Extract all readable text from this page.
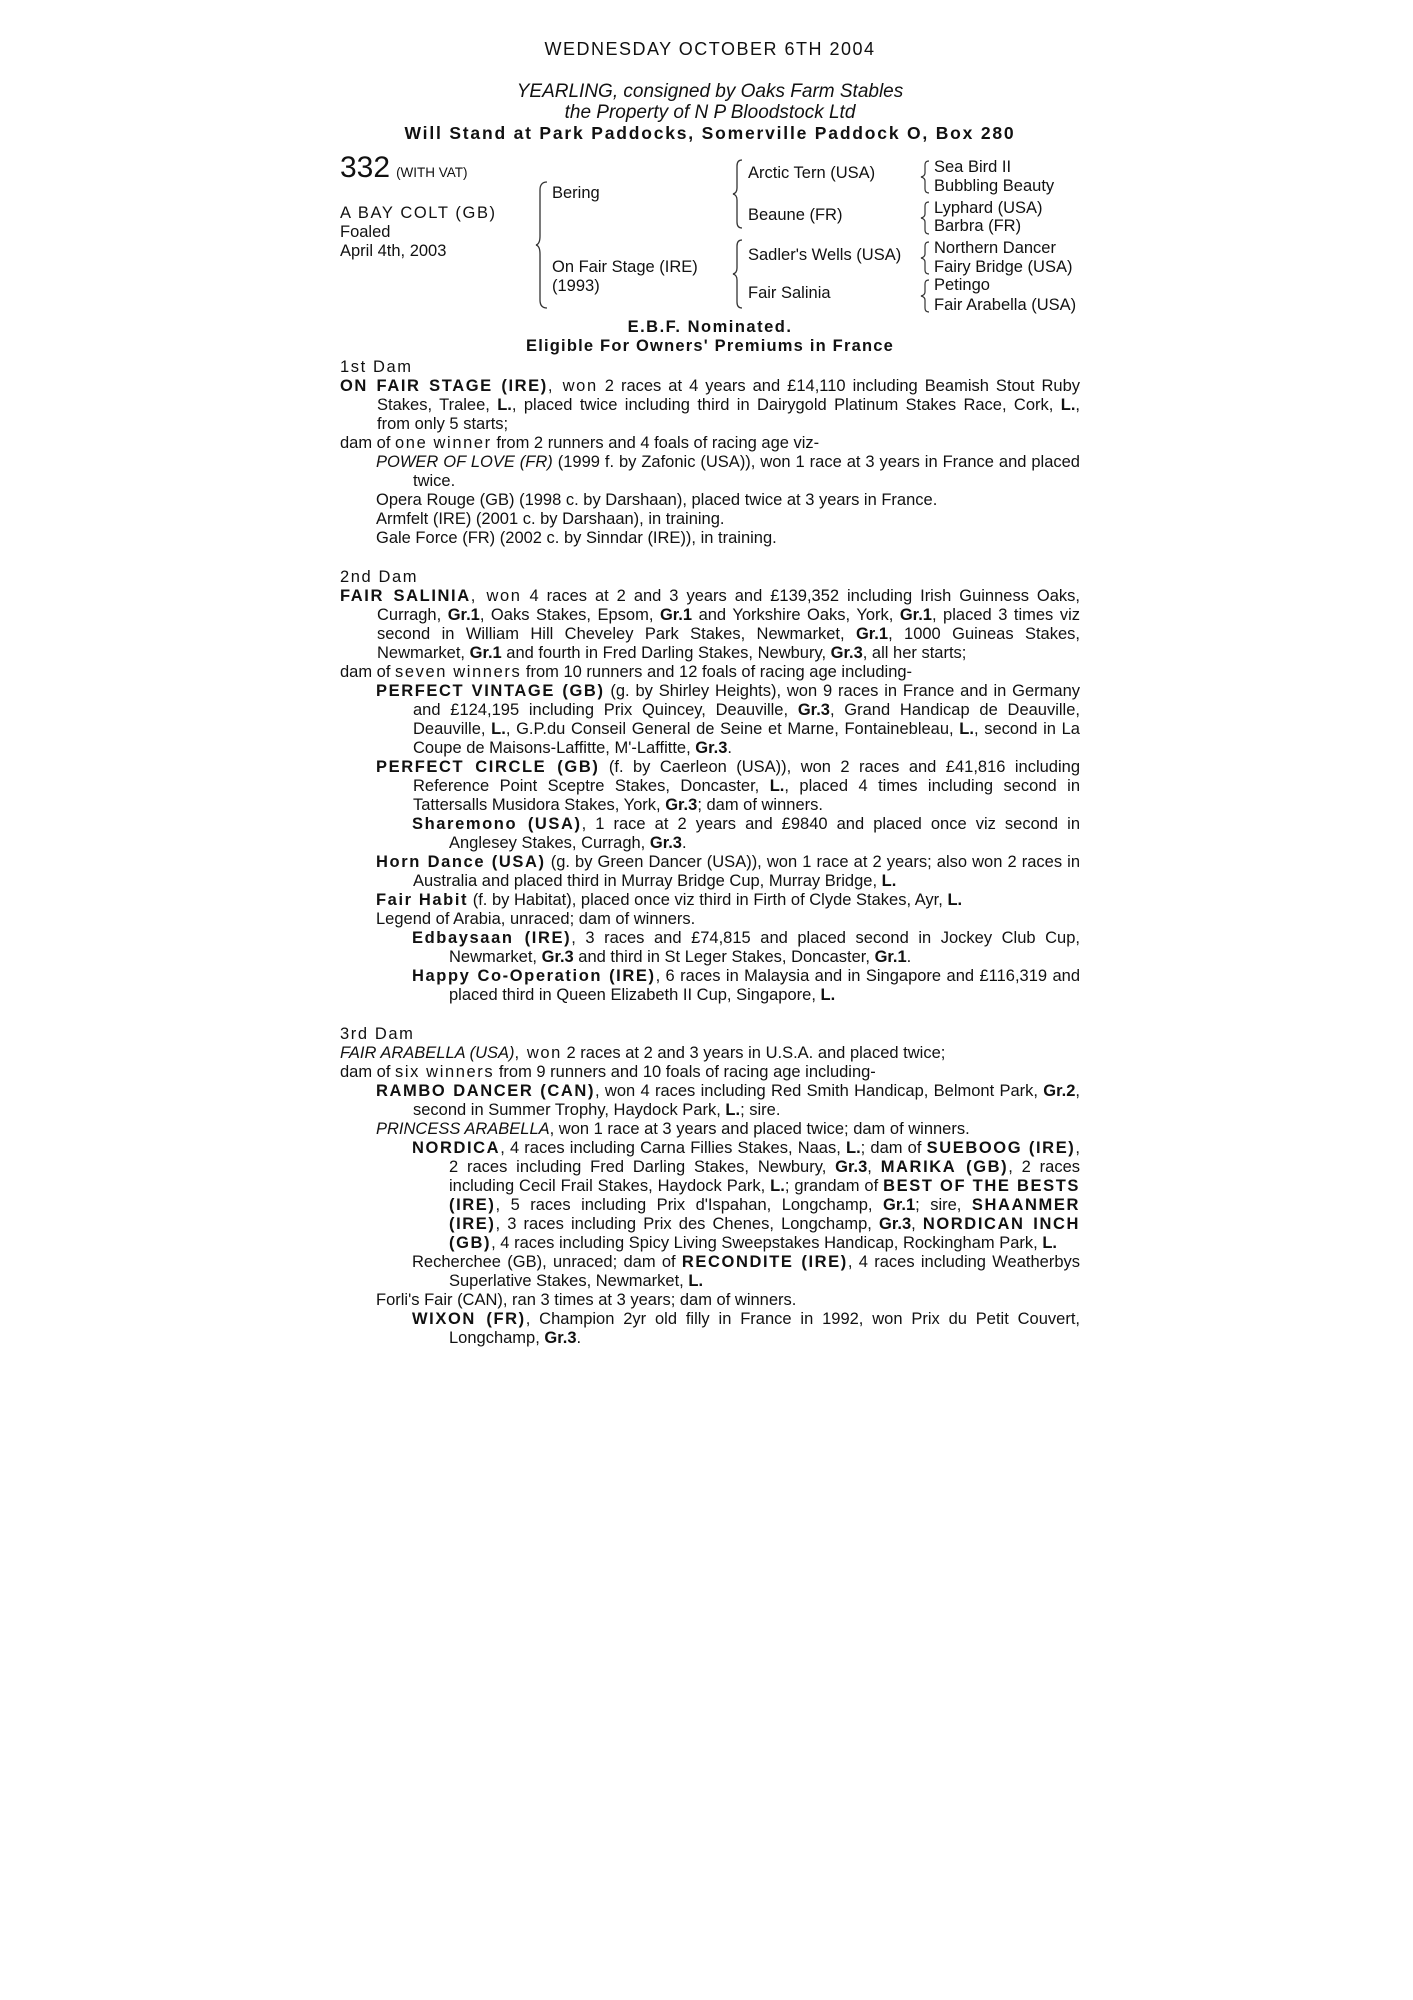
WEDNESDAY OCTOBER 6TH 2004
YEARLING, consigned by Oaks Farm Stables
the Property of N P Bloodstock Ltd
Will Stand at Park Paddocks, Somerville Paddock O, Box 280
332 (WITH VAT)
A BAY COLT (GB)
Foaled
April 4th, 2003
Bering
On Fair Stage (IRE)
(1993)
Arctic Tern (USA)
Beaune (FR)
Sadler's Wells (USA)
Fair Salinia
Sea Bird II
Bubbling Beauty
Lyphard (USA)
Barbra (FR)
Northern Dancer
Fairy Bridge (USA)
Petingo
Fair Arabella (USA)
E.B.F. Nominated.
Eligible For Owners' Premiums in France
1st Dam

ON FAIR STAGE (IRE), won 2 races at 4 years and £14,110 including Beamish Stout Ruby Stakes, Tralee, L., placed twice including third in Dairygold Platinum Stakes Race, Cork, L., from only 5 starts;

dam of one winner from 2 runners and 4 foals of racing age viz-

POWER OF LOVE (FR) (1999 f. by Zafonic (USA)), won 1 race at 3 years in France and placed twice.

Opera Rouge (GB) (1998 c. by Darshaan), placed twice at 3 years in France.

Armfelt (IRE) (2001 c. by Darshaan), in training.

Gale Force (FR) (2002 c. by Sinndar (IRE)), in training.

2nd Dam

FAIR SALINIA, won 4 races at 2 and 3 years and £139,352 including Irish Guinness Oaks, Curragh, Gr.1, Oaks Stakes, Epsom, Gr.1 and Yorkshire Oaks, York, Gr.1, placed 3 times viz second in William Hill Cheveley Park Stakes, Newmarket, Gr.1, 1000 Guineas Stakes, Newmarket, Gr.1 and fourth in Fred Darling Stakes, Newbury, Gr.3, all her starts;

dam of seven winners from 10 runners and 12 foals of racing age including-

PERFECT VINTAGE (GB) (g. by Shirley Heights), won 9 races in France and in Germany and £124,195 including Prix Quincey, Deauville, Gr.3, Grand Handicap de Deauville, Deauville, L., G.P.du Conseil General de Seine et Marne, Fontainebleau, L., second in La Coupe de Maisons-Laffitte, M'-Laffitte, Gr.3.

PERFECT CIRCLE (GB) (f. by Caerleon (USA)), won 2 races and £41,816 including Reference Point Sceptre Stakes, Doncaster, L., placed 4 times including second in Tattersalls Musidora Stakes, York, Gr.3; dam of winners.

Sharemono (USA), 1 race at 2 years and £9840 and placed once viz second in Anglesey Stakes, Curragh, Gr.3.

Horn Dance (USA) (g. by Green Dancer (USA)), won 1 race at 2 years; also won 2 races in Australia and placed third in Murray Bridge Cup, Murray Bridge, L.

Fair Habit (f. by Habitat), placed once viz third in Firth of Clyde Stakes, Ayr, L.

Legend of Arabia, unraced; dam of winners.

Edbaysaan (IRE), 3 races and £74,815 and placed second in Jockey Club Cup, Newmarket, Gr.3 and third in St Leger Stakes, Doncaster, Gr.1.

Happy Co-Operation (IRE), 6 races in Malaysia and in Singapore and £116,319 and placed third in Queen Elizabeth II Cup, Singapore, L.

3rd Dam

FAIR ARABELLA (USA), won 2 races at 2 and 3 years in U.S.A. and placed twice;

dam of six winners from 9 runners and 10 foals of racing age including-

RAMBO DANCER (CAN), won 4 races including Red Smith Handicap, Belmont Park, Gr.2, second in Summer Trophy, Haydock Park, L.; sire.

PRINCESS ARABELLA, won 1 race at 3 years and placed twice; dam of winners.

NORDICA, 4 races including Carna Fillies Stakes, Naas, L.; dam of SUEBOOG (IRE), 2 races including Fred Darling Stakes, Newbury, Gr.3, MARIKA (GB), 2 races including Cecil Frail Stakes, Haydock Park, L.; grandam of BEST OF THE BESTS (IRE), 5 races including Prix d'Ispahan, Longchamp, Gr.1; sire, SHAANMER (IRE), 3 races including Prix des Chenes, Longchamp, Gr.3, NORDICAN INCH (GB), 4 races including Spicy Living Sweepstakes Handicap, Rockingham Park, L.

Recherchee (GB), unraced; dam of RECONDITE (IRE), 4 races including Weatherbys Superlative Stakes, Newmarket, L.

Forli's Fair (CAN), ran 3 times at 3 years; dam of winners.

WIXON (FR), Champion 2yr old filly in France in 1992, won Prix du Petit Couvert, Longchamp, Gr.3.
